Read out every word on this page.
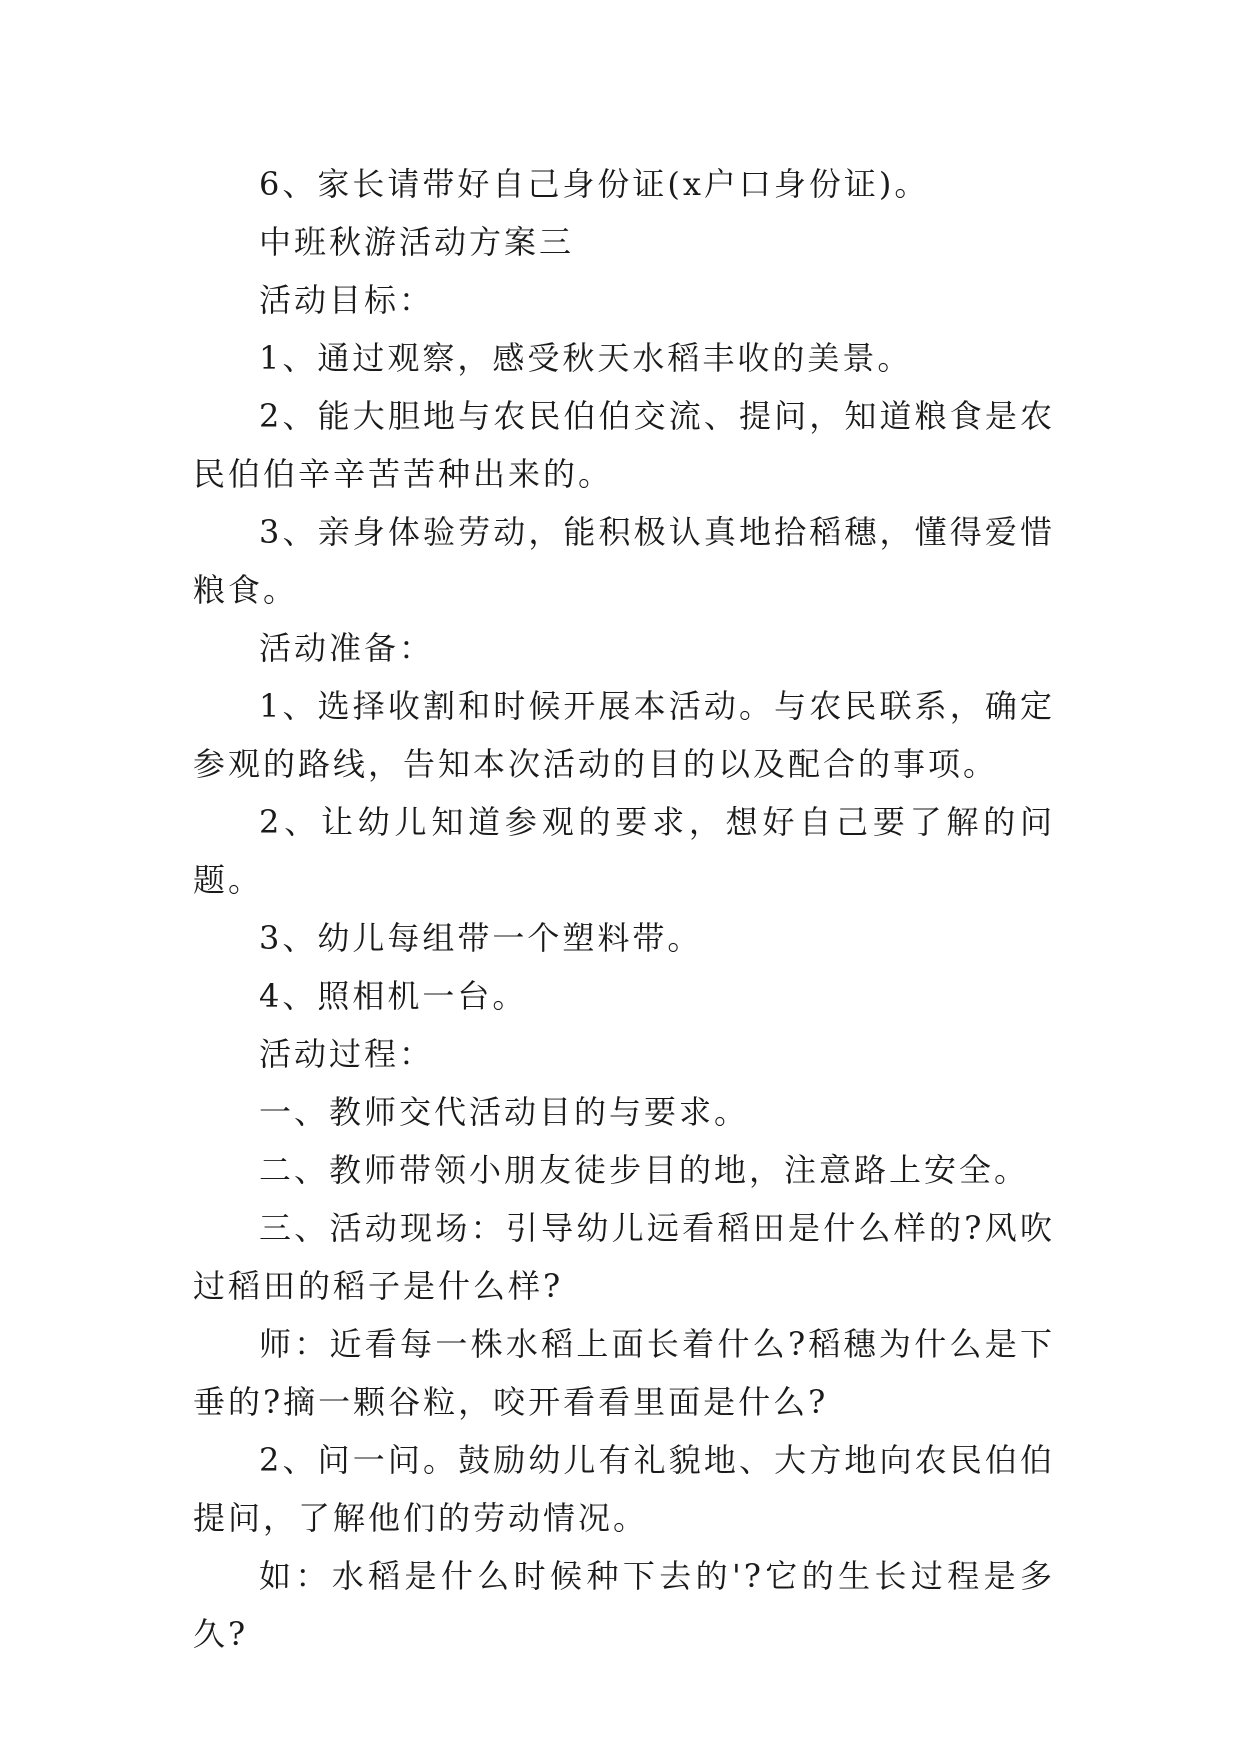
6、家长请带好自己身份证(x户口身份证)。

中班秋游活动方案三

活动目标：

1、通过观察，感受秋天水稻丰收的美景。

2、能大胆地与农民伯伯交流、提问，知道粮食是农民伯伯辛辛苦苦种出来的。

3、亲身体验劳动，能积极认真地拾稻穗，懂得爱惜粮食。

活动准备：

1、选择收割和时候开展本活动。与农民联系，确定参观的路线，告知本次活动的目的以及配合的事项。

2、让幼儿知道参观的要求，想好自己要了解的问题。

3、幼儿每组带一个塑料带。

4、照相机一台。

活动过程：

一、教师交代活动目的与要求。

二、教师带领小朋友徒步目的地，注意路上安全。

三、活动现场：引导幼儿远看稻田是什么样的?风吹过稻田的稻子是什么样?

师：近看每一株水稻上面长着什么?稻穗为什么是下垂的?摘一颗谷粒，咬开看看里面是什么?

2、问一问。鼓励幼儿有礼貌地、大方地向农民伯伯提问，了解他们的劳动情况。

如：水稻是什么时候种下去的'?它的生长过程是多久?
